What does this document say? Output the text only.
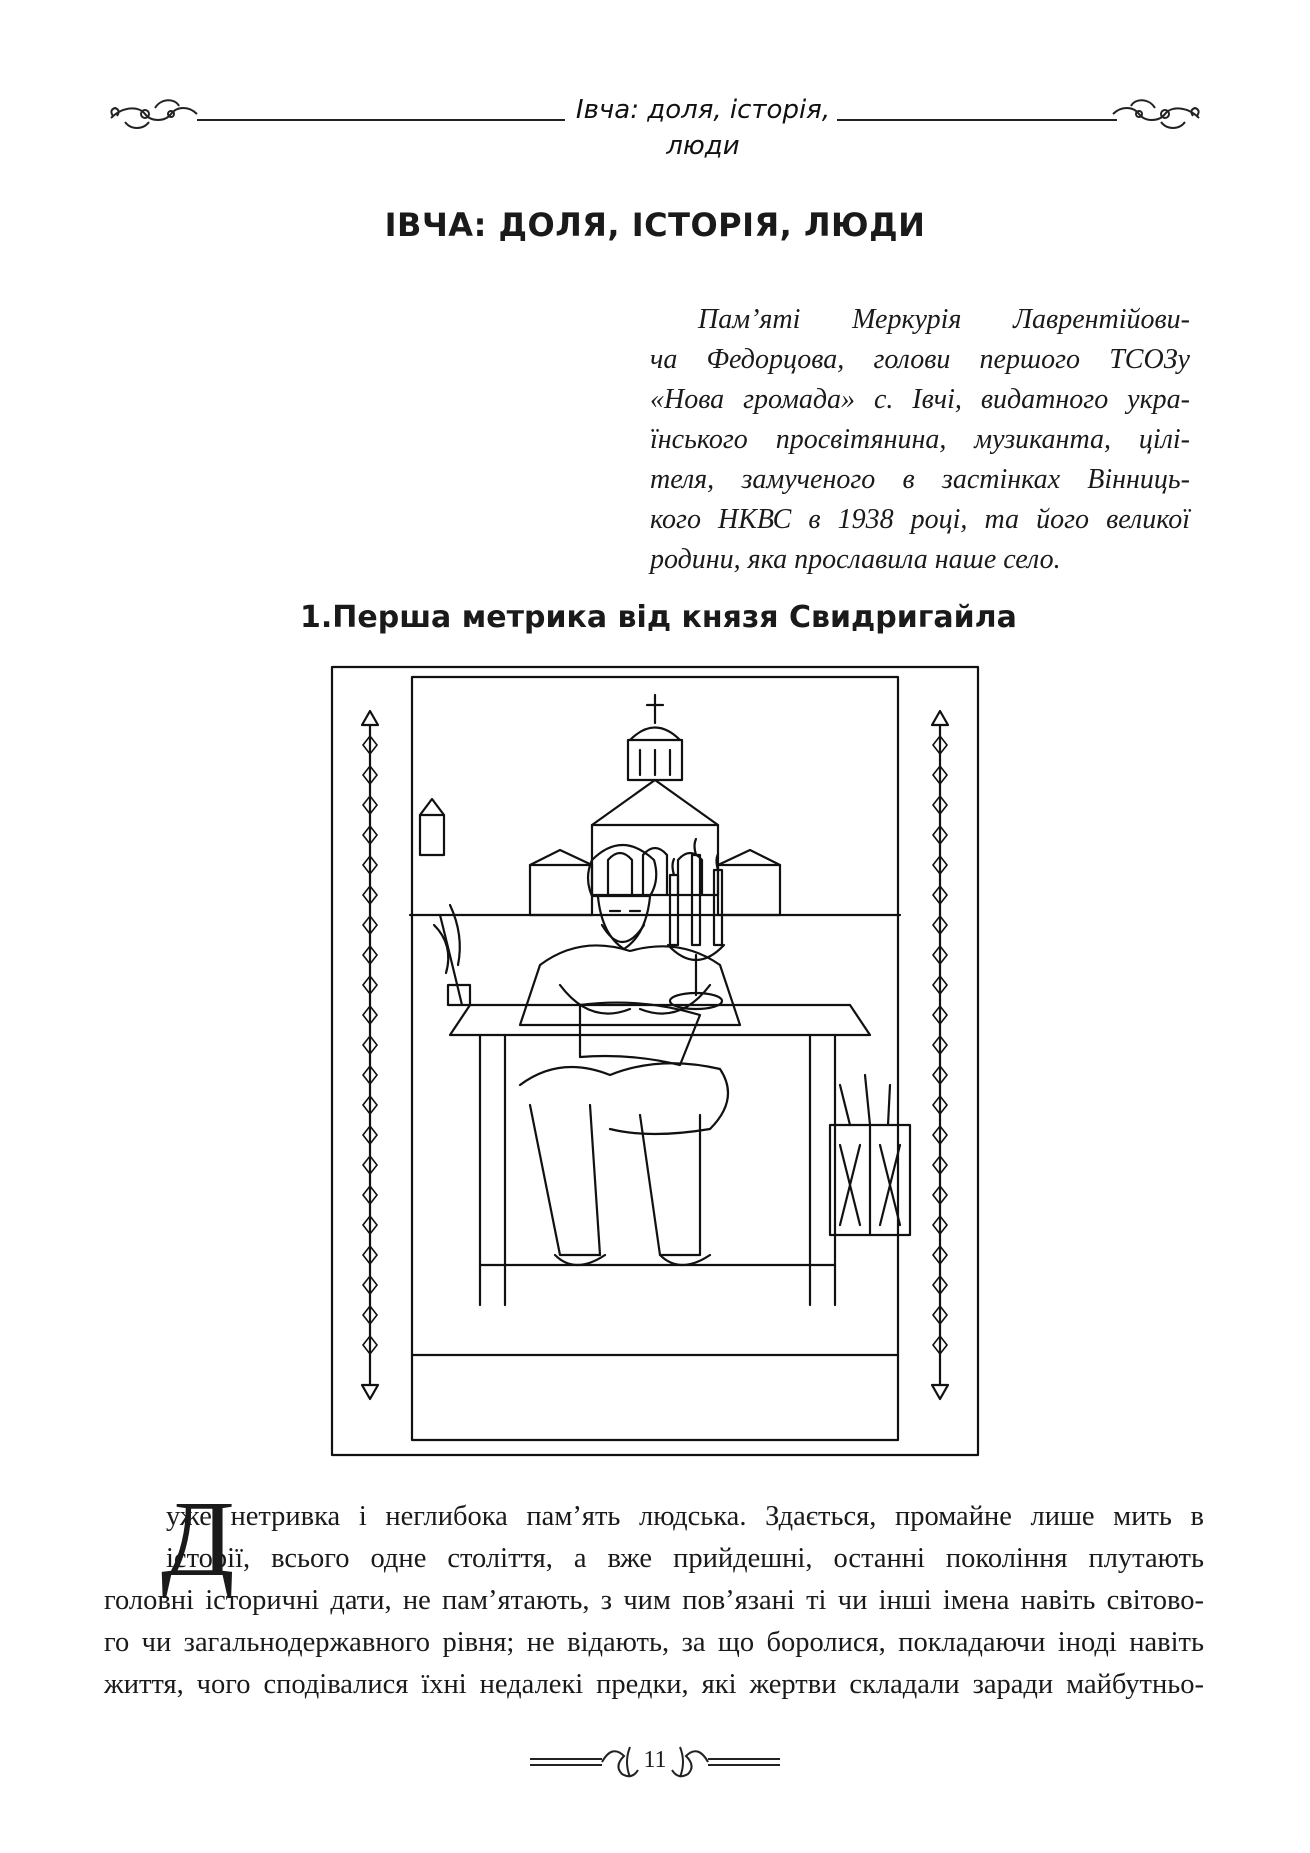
Івча: доля, історія, люди
ІВЧА: ДОЛЯ, ІСТОРІЯ, ЛЮДИ
Пам’яті Меркурія Лаврентійови-
ча Федорцова, голови першого ТСОЗу
«Нова громада» с. Івчі, видатного укра-
їнського просвітянина, музиканта, цілі-
теля, замученого в застінках Вінниць-
кого НКВС в 1938 році, та його великої
родини, яка прославила наше село.
1.Перша метрика від князя Свидригайла
Д
уже нетривка і неглибока пам’ять людська. Здається, промайне лише мить в
історії, всього одне століття, а вже прийдешні, останні покоління плутають
головні історичні дати, не пам’ятають, з чим пов’язані ті чи інші імена навіть світово-
го чи загальнодержавного рівня; не відають, за що боролися, покладаючи іноді навіть
життя, чого сподівалися їхні недалекі предки, які жертви складали заради майбутньо-
11
